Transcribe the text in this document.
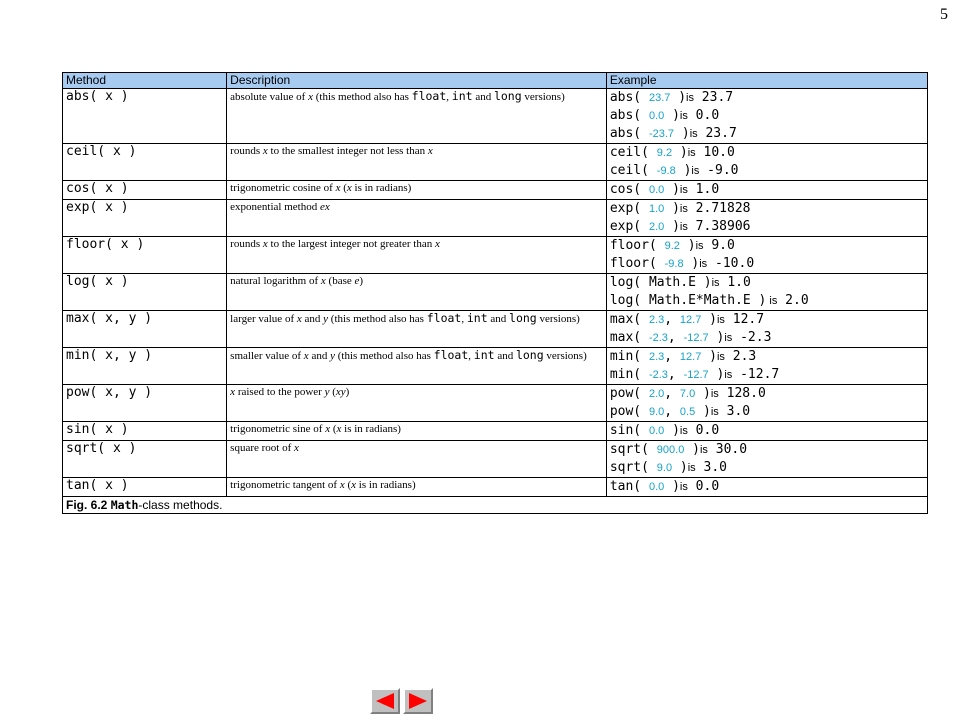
5
Method	Description	Example
abs( x )	absolute value of x (this method also has float, int and long versions)	abs( 23.7 )is 23.7
abs( 0.0 )is 0.0
abs( -23.7 )is 23.7

ceil( x )	rounds x to the smallest integer not less than x	ceil( 9.2 )is 10.0
ceil( -9.8 )is -9.0

cos( x )	trigonometric cosine of x (x is in radians)	cos( 0.0 )is 1.0

exp( x )	exponential method ex	exp( 1.0 )is 2.71828
exp( 2.0 )is 7.38906

floor( x )	rounds x to the largest integer not greater than x	floor( 9.2 )is 9.0
floor( -9.8 )is -10.0

log( x )	natural logarithm of x (base e)	log( Math.E )is 1.0
log( Math.E*Math.E ) is 2.0

max( x, y )	larger value of x and y (this method also has float, int and long versions)	max( 2.3, 12.7 )is 12.7
max( -2.3, -12.7 )is -2.3

min( x, y )	smaller value of x and y (this method also has float, int and long versions)	min( 2.3, 12.7 )is 2.3
min( -2.3, -12.7 )is -12.7

pow( x, y )	x raised to the power y (xy)	pow( 2.0, 7.0 )is 128.0
pow( 9.0, 0.5 )is 3.0

sin( x )	trigonometric sine of x (x is in radians)	sin( 0.0 )is 0.0

sqrt( x )	square root of x	sqrt( 900.0 )is 30.0
sqrt( 9.0 )is 3.0

tan( x )	trigonometric tangent of x (x is in radians)	tan( 0.0 )is 0.0

Fig. 6.2 Math-class methods.		
